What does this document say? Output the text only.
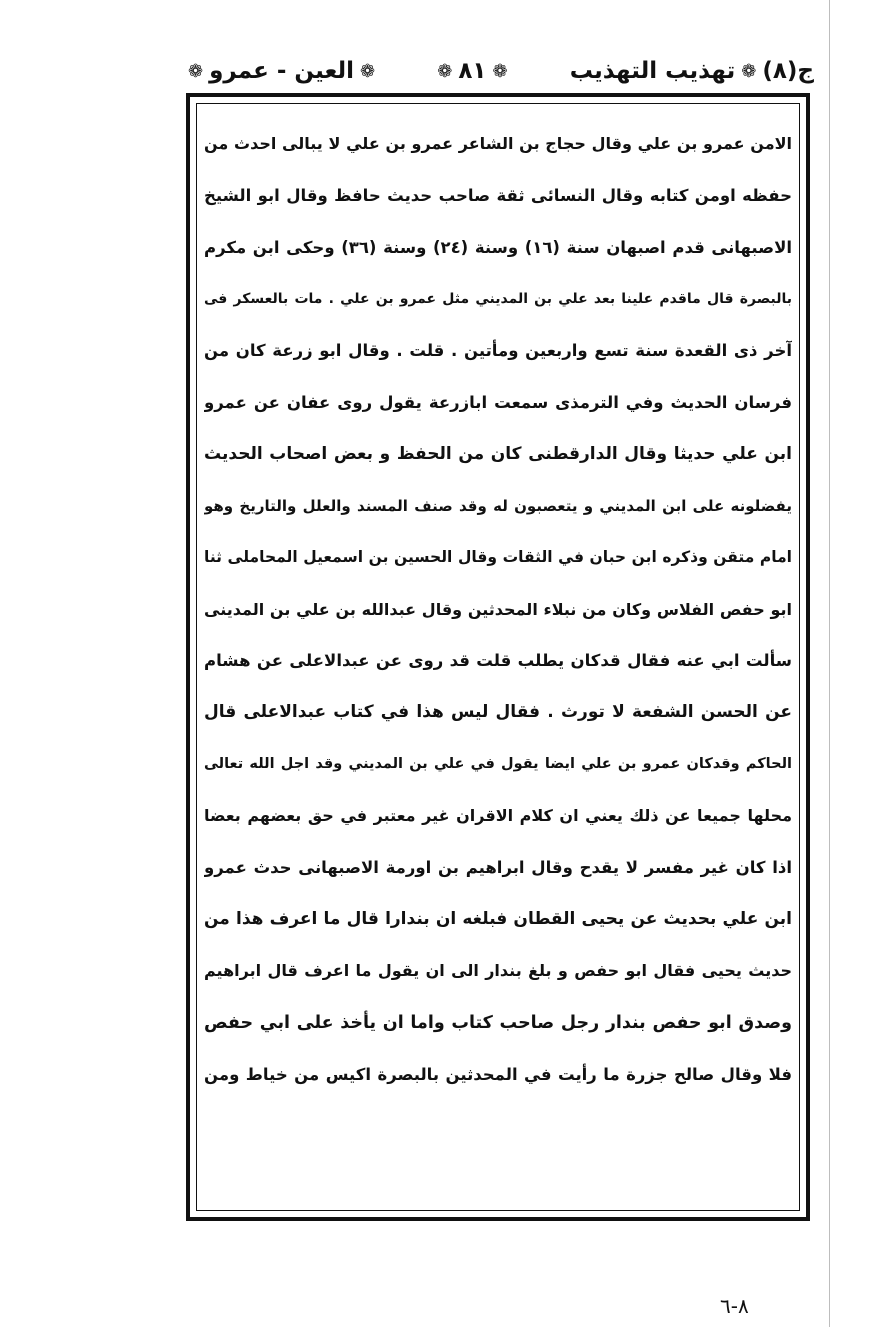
ج(٨)
❁
تهذيب التهذيب
❁
٨١
❁
❁
العين - عمرو
❁
الامن عمرو بن علي وقال حجاج بن الشاعر عمرو بن علي لا يبالى احدث من
حفظه اومن كتابه وقال النسائى ثقة صاحب حديث حافظ وقال ابو الشيخ
الاصبهانى قدم اصبهان سنة (١٦) وسنة (٢٤) وسنة (٣٦) وحكى ابن مكرم
بالبصرة قال ماقدم علينا بعد علي بن المديني مثل عمرو بن علي . مات بالعسكر فى
آخر ذى القعدة سنة تسع واربعين ومأتين . قلت . وقال ابو زرعة كان من
فرسان الحديث وفي الترمذى سمعت ابازرعة يقول روى عفان عن عمرو
ابن علي حديثا وقال الدارقطنى كان من الحفظ و بعض اصحاب الحديث
يفضلونه على ابن المديني و يتعصبون له وقد صنف المسند والعلل والتاريخ وهو
امام متقن وذكره ابن حبان في الثقات وقال الحسين بن اسمعيل المحاملى ثنا
ابو حفص الفلاس وكان من نبلاء المحدثين وقال عبدالله بن علي بن المدينى
سألت ابي عنه فقال قدكان يطلب قلت قد روى عن عبدالاعلى عن هشام
عن الحسن الشفعة لا تورث . فقال ليس هذا في كتاب عبدالاعلى قال
الحاكم وقدكان عمرو بن علي ايضا يقول في علي بن المديني وقد اجل الله تعالى
محلها جميعا عن ذلك يعني ان كلام الاقران غير معتبر في حق بعضهم بعضا
اذا كان غير مفسر لا يقدح وقال ابراهيم بن اورمة الاصبهانى حدث عمرو
ابن علي بحديث عن يحيى القطان فبلغه ان بندارا قال ما اعرف هذا من
حديث يحيى فقال ابو حفص و بلغ بندار الى ان يقول ما اعرف قال ابراهيم
وصدق ابو حفص بندار رجل صاحب كتاب واما ان يأخذ على ابي حفص
فلا وقال صالح جزرة ما رأيت في المحدثين بالبصرة اكيس من خياط ومن
٨-٦
